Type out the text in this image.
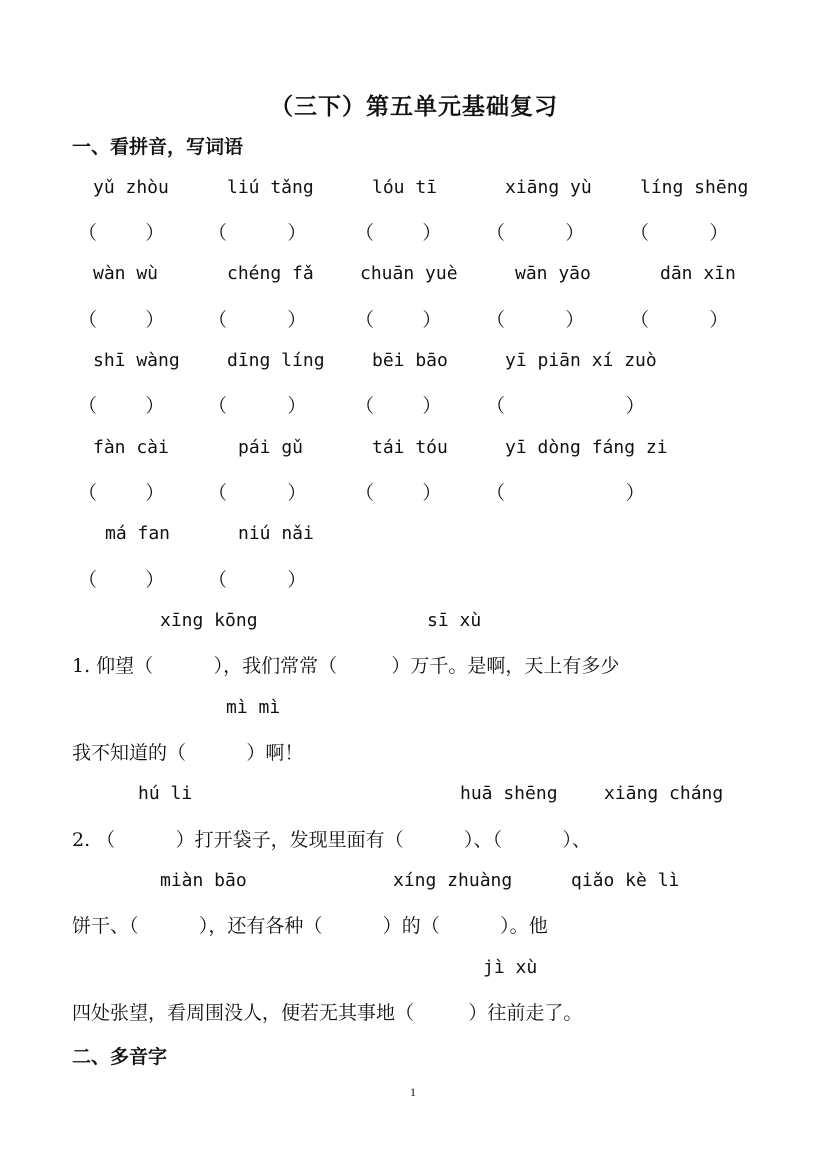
（三下）第五单元基础复习
一、看拼音，写词语
yǔ zhòu	liú tǎng	lóu tī	xiāng yù	líng shēng
（        ） （          ）	（        ） （          ） （          ）
wàn wù	chéng fǎ	chuān yuè	wān yāo	dān xīn
（        ） （          ）	（        ） （          ） （          ）
shī wàng	dīng líng	bēi bāo	yī piān xí zuò
（        ） （          ）	（        ） （                    ）
fàn cài	pái gǔ	tái tóu	yī dòng fáng zi
（        ） （          ）	（        ） （                    ）
má fan	niú nǎi
（        ） （          ）
xīng kōng	sī xù
1. 仰望（          ），我们常常（         ）万千。是啊，天上有多少
mì mì
我不知道的（          ）啊！
hú li	huā shēng	xiāng cháng
2. （          ）打开袋子，发现里面有（          ）、（          ）、
miàn bāo	xíng zhuàng	qiǎo kè lì
饼干、（          ），还有各种（          ）的（          ）。他
jì xù
四处张望，看周围没人，便若无其事地（         ）往前走了。
二、多音字
1
